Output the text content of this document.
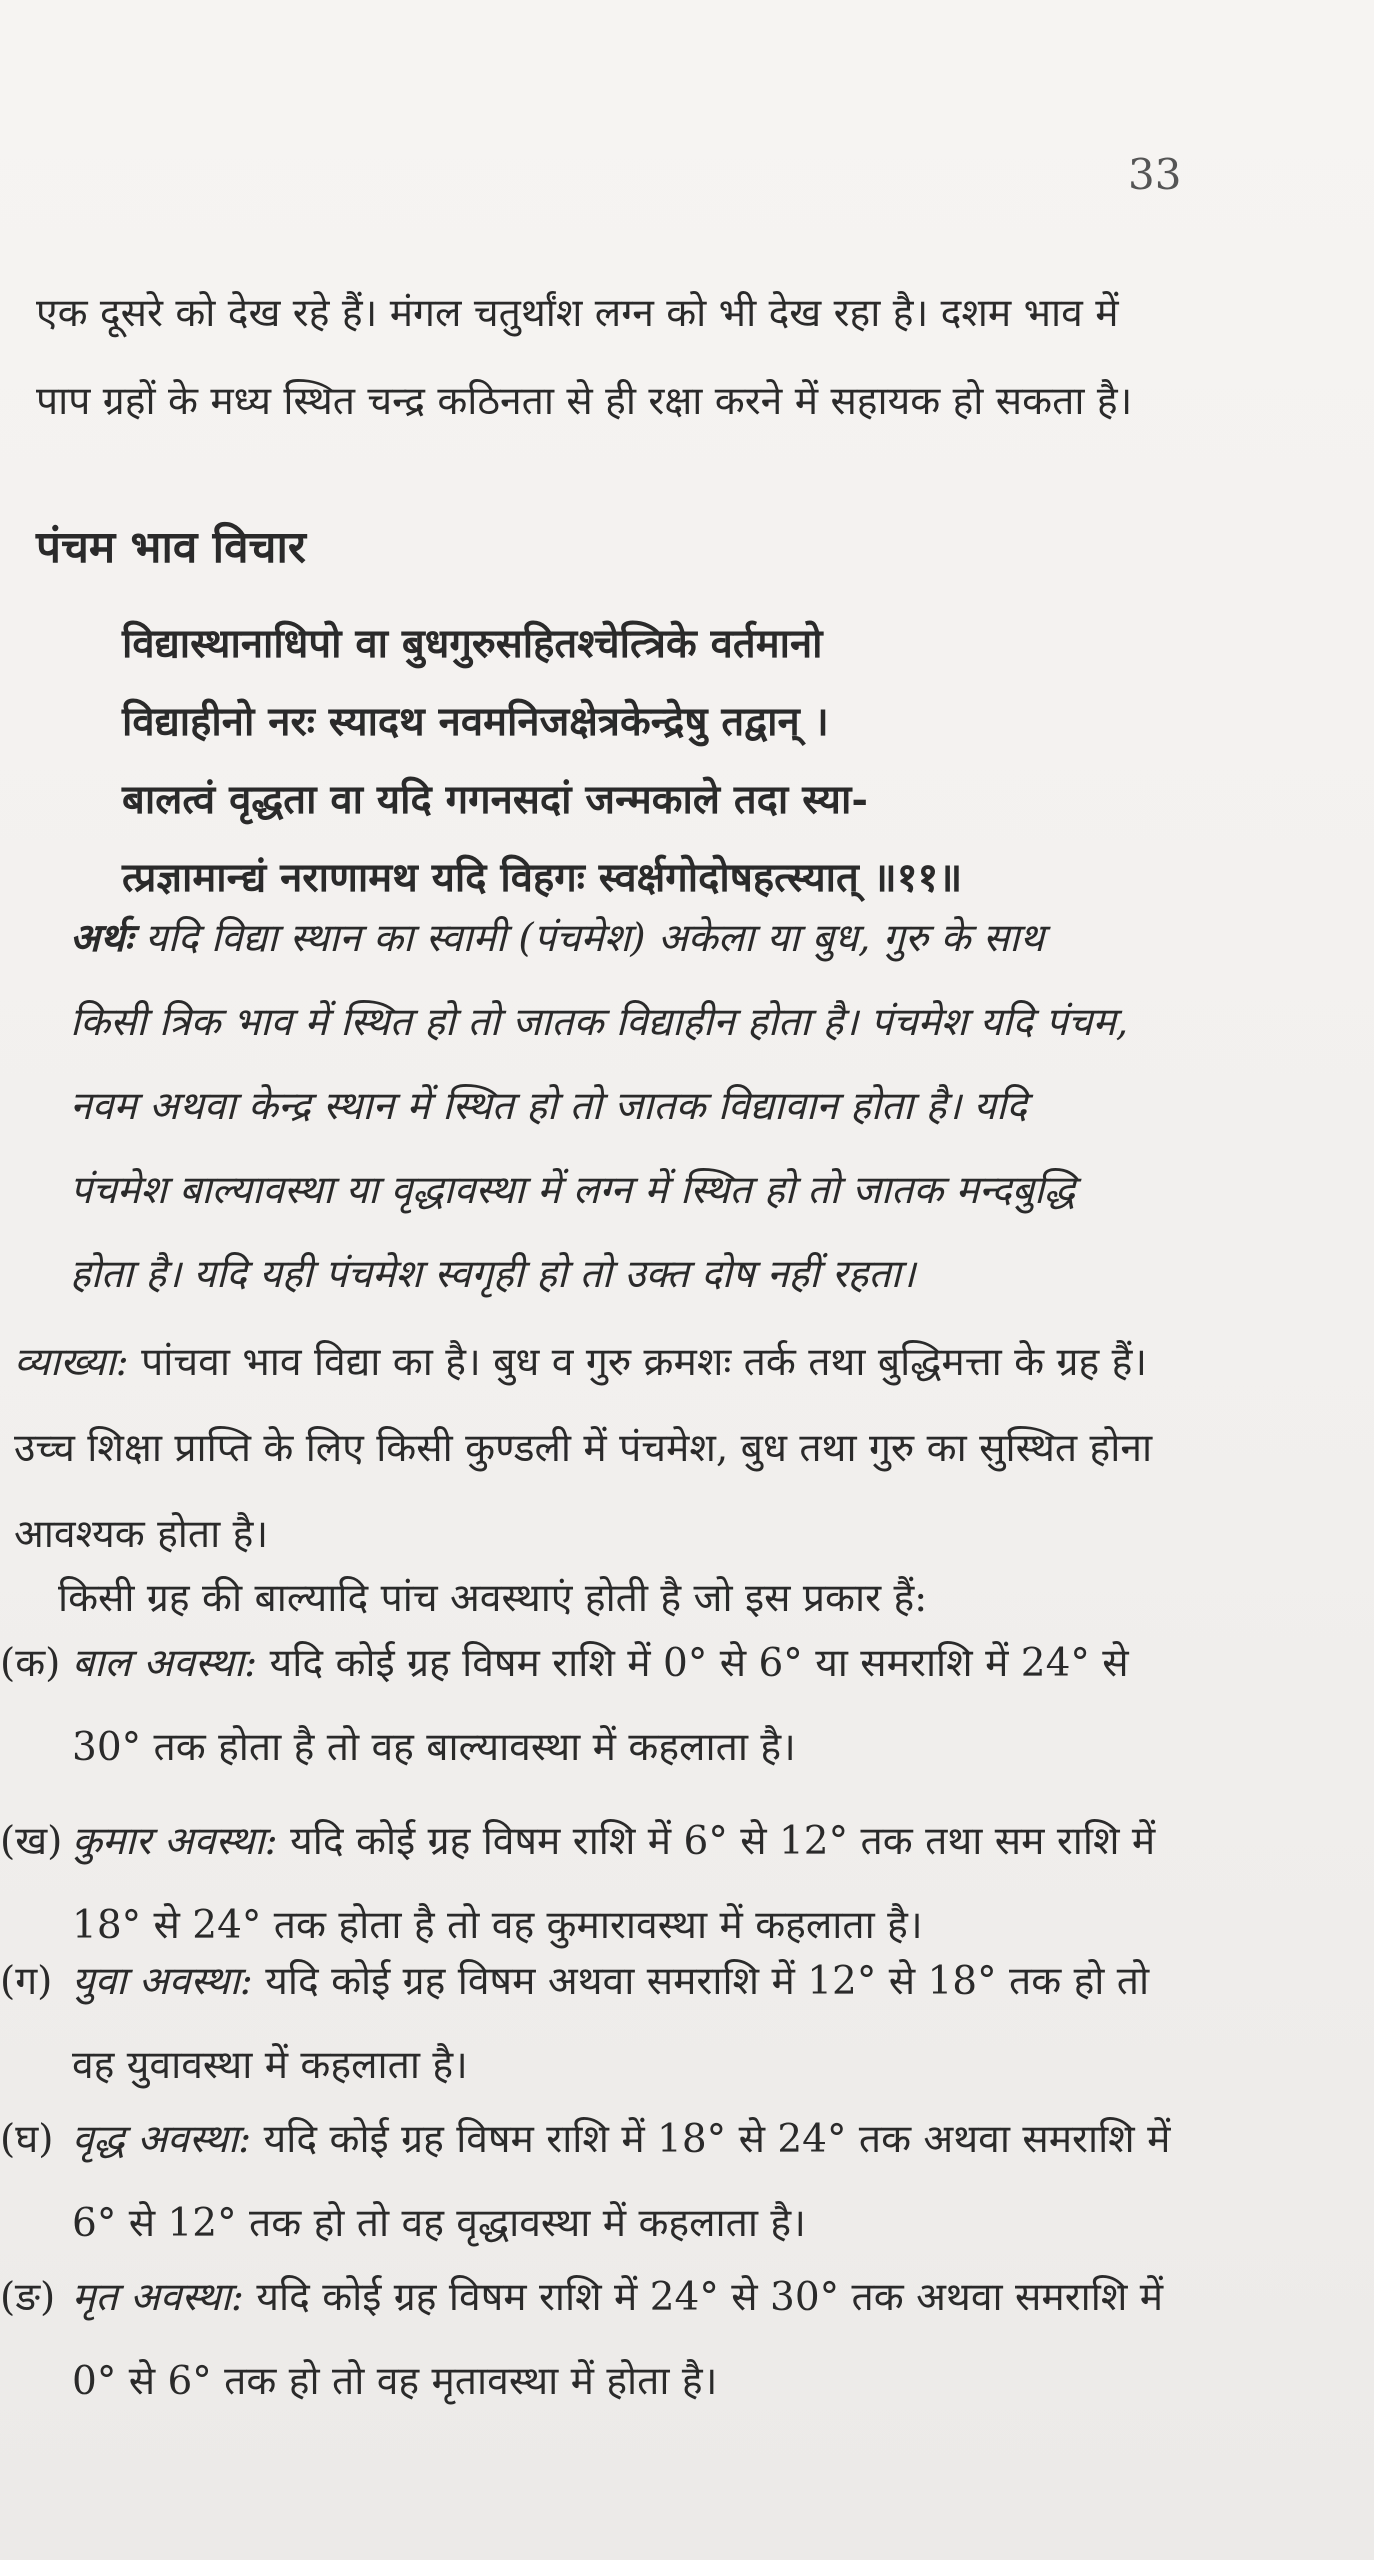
33

एक दूसरे को देख रहे हैं। मंगल चतुर्थांश लग्न को भी देख रहा है। दशम भाव में पाप ग्रहों के मध्य स्थित चन्द्र कठिनता से ही रक्षा करने में सहायक हो सकता है।

पंचम भाव विचार
विद्यास्थानाधिपो वा बुधगुरुसहितश्चेत्त्रिके वर्तमानो
विद्याहीनो नरः स्यादथ नवमनिजक्षेत्रकेन्द्रेषु तद्वान् ।
बालत्वं वृद्धता वा यदि गगनसदां जन्मकाले तदा स्या-
त्प्रज्ञामान्द्यं नराणामथ यदि विहगः स्वर्क्षगोदोषहत्स्यात् ॥११॥

अर्थः यदि विद्या स्थान का स्वामी (पंचमेश) अकेला या बुध, गुरु के साथ किसी त्रिक भाव में स्थित हो तो जातक विद्याहीन होता है। पंचमेश यदि पंचम, नवम अथवा केन्द्र स्थान में स्थित हो तो जातक विद्यावान होता है। यदि पंचमेश बाल्यावस्था या वृद्धावस्था में लग्न में स्थित हो तो जातक मन्दबुद्धि होता है। यदि यही पंचमेश स्वगृही हो तो उक्त दोष नहीं रहता।

व्याख्या: पांचवा भाव विद्या का है। बुध व गुरु क्रमशः तर्क तथा बुद्धिमत्ता के ग्रह हैं। उच्च शिक्षा प्राप्ति के लिए किसी कुण्डली में पंचमेश, बुध तथा गुरु का सुस्थित होना आवश्यक होता है।

किसी ग्रह की बाल्यादि पांच अवस्थाएं होती है जो इस प्रकार हैं:

(क) बाल अवस्था: यदि कोई ग्रह विषम राशि में 0° से 6° या समराशि में 24° से 30° तक होता है तो वह बाल्यावस्था में कहलाता है।
(ख) कुमार अवस्था: यदि कोई ग्रह विषम राशि में 6° से 12° तक तथा सम राशि में 18° से 24° तक होता है तो वह कुमारावस्था में कहलाता है।
(ग) युवा अवस्था: यदि कोई ग्रह विषम अथवा समराशि में 12° से 18° तक हो तो वह युवावस्था में कहलाता है।
(घ) वृद्ध अवस्था: यदि कोई ग्रह विषम राशि में 18° से 24° तक अथवा समराशि में 6° से 12° तक हो तो वह वृद्धावस्था में कहलाता है।
(ङ) मृत अवस्था: यदि कोई ग्रह विषम राशि में 24° से 30° तक अथवा समराशि में 0° से 6° तक हो तो वह मृतावस्था में होता है।
